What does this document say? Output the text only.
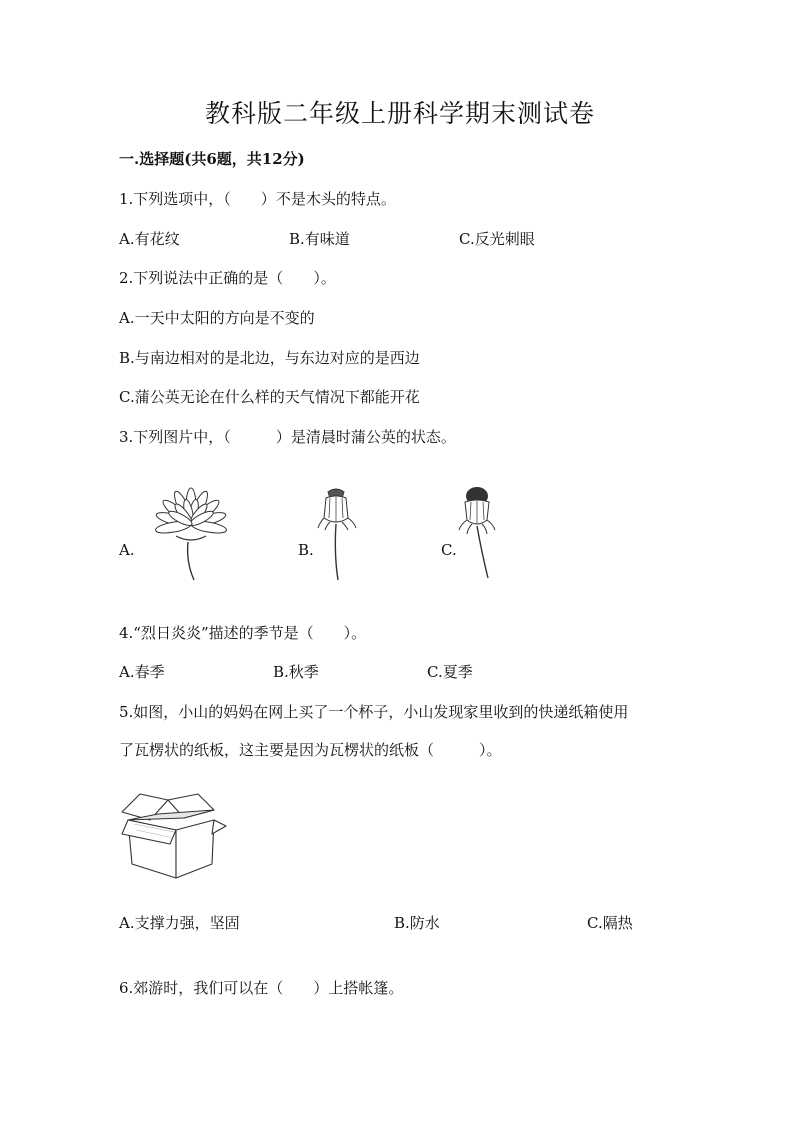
教科版二年级上册科学期末测试卷
一.选择题(共6题，共12分)
1.下列选项中，（　　）不是木头的特点。
A.有花纹	B.有味道	C.反光刺眼
2.下列说法中正确的是（　　）。
A.一天中太阳的方向是不变的
B.与南边相对的是北边，与东边对应的是西边
C.蒲公英无论在什么样的天气情况下都能开花
3.下列图片中，（　　　）是清晨时蒲公英的状态。
A.	B.	C.
4.“烈日炎炎”描述的季节是（　　）。
A.春季	B.秋季	C.夏季
5.如图，小山的妈妈在网上买了一个杯子，小山发现家里收到的快递纸箱使用
了瓦楞状的纸板，这主要是因为瓦楞状的纸板（　　　）。
A.支撑力强，坚固	B.防水	C.隔热
6.郊游时，我们可以在（　　）上搭帐篷。
